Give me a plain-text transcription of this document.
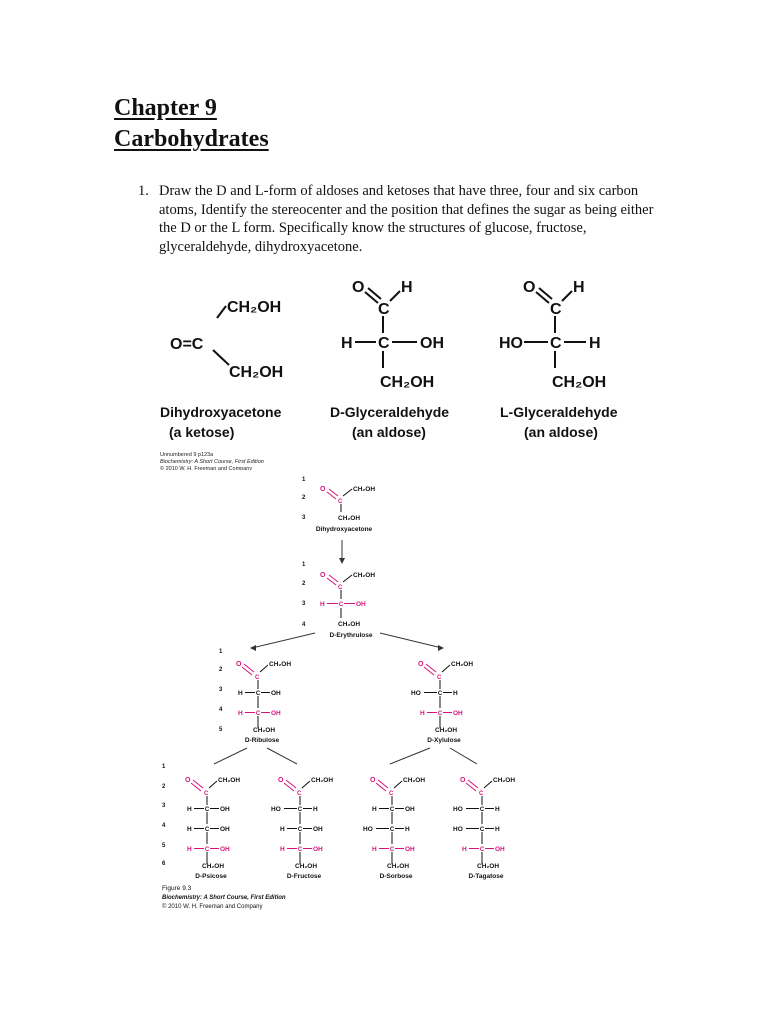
Chapter 9
Carbohydrates
1. Draw the D and L-form of aldoses and ketoses that have three, four and six carbon atoms, Identify the stereocenter and the position that defines the sugar as being either the D or the L form. Specifically know the structures of glucose, fructose, glyceraldehyde, dihydroxyacetone.
CH₂OH
O=C
CH₂OH
Dihydroxyacetone
(a ketose)
O
C
H
H C OH
CH₂OH
D-Glyceraldehyde
(an aldose)
O
C
H
HO C H
CH₂OH
L-Glyceraldehyde
(an aldose)
Unnumbered 9 p123a
Biochemistry: A Short Course, First Edition
© 2010 W. H. Freeman and Company
1
2
3
1
2
3
4
1
2
3
4
5
1
2
3
4
5
6
O
C
CH₂OH
CH₂OH
Dihydroxyacetone
O
C
CH₂OH
H C OH
CH₂OH
D-Erythrulose
O
C
CH₂OH
H C OH
H C OH
CH₂OH
D-Ribulose
O
C
CH₂OH
HO	C H
H C OH
CH₂OH
D-Xylulose
O
C
CH₂OH
H C OH
H C OH
H C OH
CH₂OH
D-Psicose
O
C
CH₂OH
HO	C H
H C OH
H C OH
CH₂OH
D-Fructose
O
C
CH₂OH
H C OH
HO	C H
H C OH
CH₂OH
D-Sorbose
O
C
CH₂OH
HO	C H
HO	C H
H C OH
CH₂OH
D-Tagatose
Figure 9.3
Biochemistry: A Short Course, First Edition
© 2010 W. H. Freeman and Company
